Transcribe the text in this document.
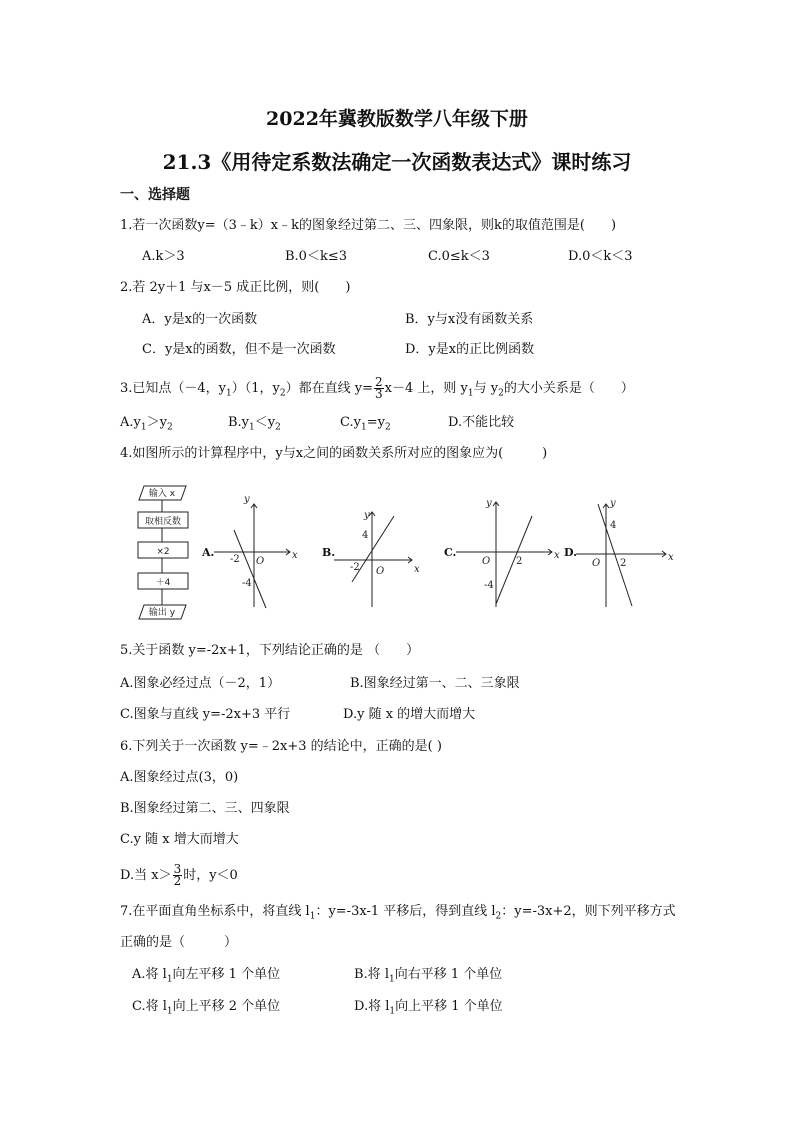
2022年冀教版数学八年级下册
21.3《用待定系数法确定一次函数表达式》课时练习
一、选择题
1.若一次函数y=（3﹣k）x﹣k的图象经过第二、三、四象限，则k的取值范围是(　　)
A.k＞3	B.0＜k≤3	C.0≤k＜3	D.0＜k＜3
2.若 2y＋1 与x－5 成正比例，则(　　)
A．y是x的一次函数	B．y与x没有函数关系
C．y是x的函数，但不是一次函数	D．y是x的正比例函数
3.已知点（－4，$y_1)(1$，$y_2$）都在直线 $y= \frac{2}{3} x-4$ 上，则 $y_1$与 $y_2$的大小关系是（　　）
$A.y_1>y_2$	$B.y_1<y_2$	$C.y_1=y_2$	D.不能比较
4.如图所示的计算程序中，y与x之间的函数关系所对应的图象应为(　　　)
输入 x
取相反数
×2
＋4
输出 y
A.
y
x
O
-2
-4
B.
y
x
O
-2
4
C.
y
x
O	2
-4
D.
y
x
O 2
4
5.关于函数 y=-2x+1，下列结论正确的是 （　　）
A.图象必经过点（－2，1）	B.图象经过第一、二、三象限
C.图象与直线 y=-2x+3 平行	D.y 随 x 的增大而增大
6.下列关于一次函数 y=﹣2x+3 的结论中，正确的是( )
A.图象经过点(3，0)
B.图象经过第二、三、四象限
C.y 随 x 增大而增大
D.当 $x> \frac{3}{2}$ 时，y＜0
7.在平面直角坐标系中，将直线 $l_1$：y=-3x-1 平移后，得到直线 $l_2$：y=-3x+2，则下列平移方式
正确的是（　　　）
A.将 $l_1$向左平移 1 个单位	B.将 $l_1$向右平移 1 个单位
C.将 $l_1$向上平移 2 个单位	D.将 $l_1$向上平移 1 个单位
